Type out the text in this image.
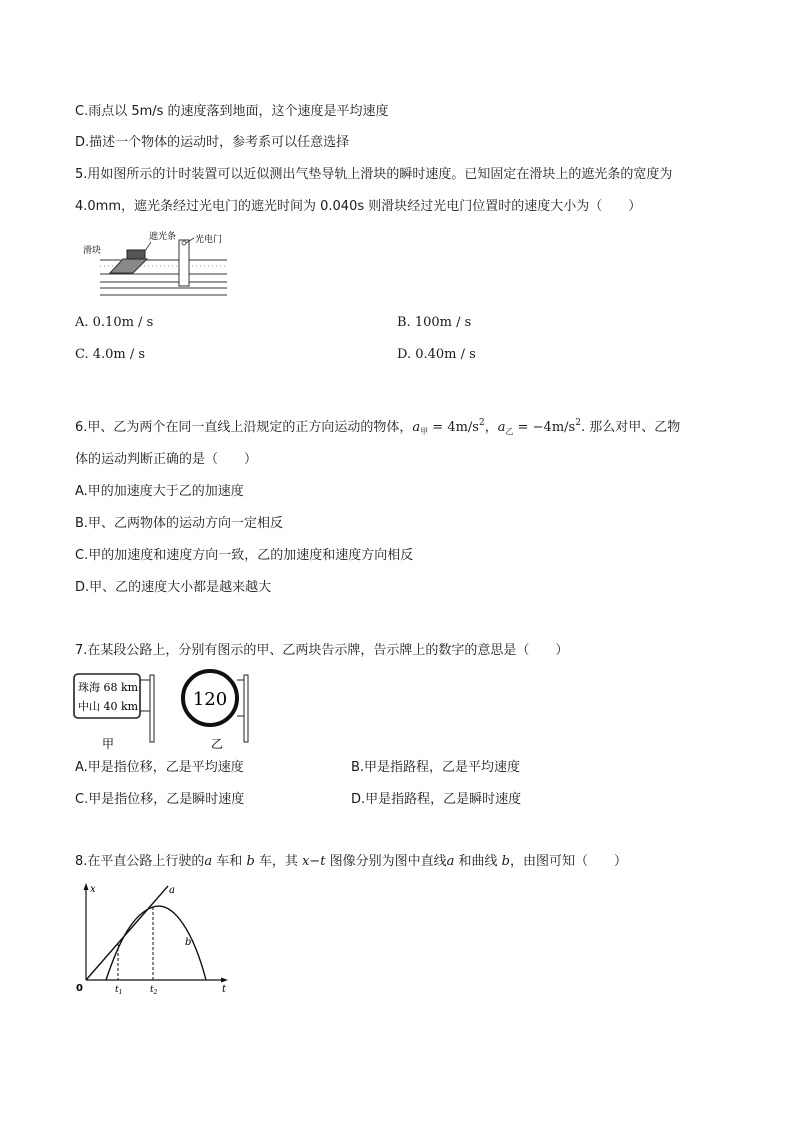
C.雨点以 5m/s 的速度落到地面，这个速度是平均速度
D.描述一个物体的运动时，参考系可以任意选择
5.用如图所示的计时装置可以近似测出气垫导轨上滑块的瞬时速度。已知固定在滑块上的遮光条的宽度为
4.0mm，遮光条经过光电门的遮光时间为 0.040s 则滑块经过光电门位置时的速度大小为（　　）
滑块
遮光条 光电门
A. 0.10m / s	B. 100m / s
C. 4.0m / s	D. 0.40m / s
6.甲、乙为两个在同一直线上沿规定的正方向运动的物体，$a_甲 = 4m/s^2$，$a_乙 = -4m/s^2$. 那么对甲、乙物
体的运动判断正确的是（　　）
A.甲的加速度大于乙的加速度
B.甲、乙两物体的运动方向一定相反
C.甲的加速度和速度方向一致，乙的加速度和速度方向相反
D.甲、乙的速度大小都是越来越大
7.在某段公路上，分别有图示的甲、乙两块告示牌，告示牌上的数字的意思是（　　）
珠海 68 km
中山 40 km
甲
120
乙
A.甲是指位移，乙是平均速度	B.甲是指路程，乙是平均速度
C.甲是指位移，乙是瞬时速度	D.甲是指路程，乙是瞬时速度
8.在平直公路上行驶的a 车和 b 车，其 x−t 图像分别为图中直线a 和曲线 b，由图可知（　　）
x
t
0
a
b
$t_1$	$t_2$
